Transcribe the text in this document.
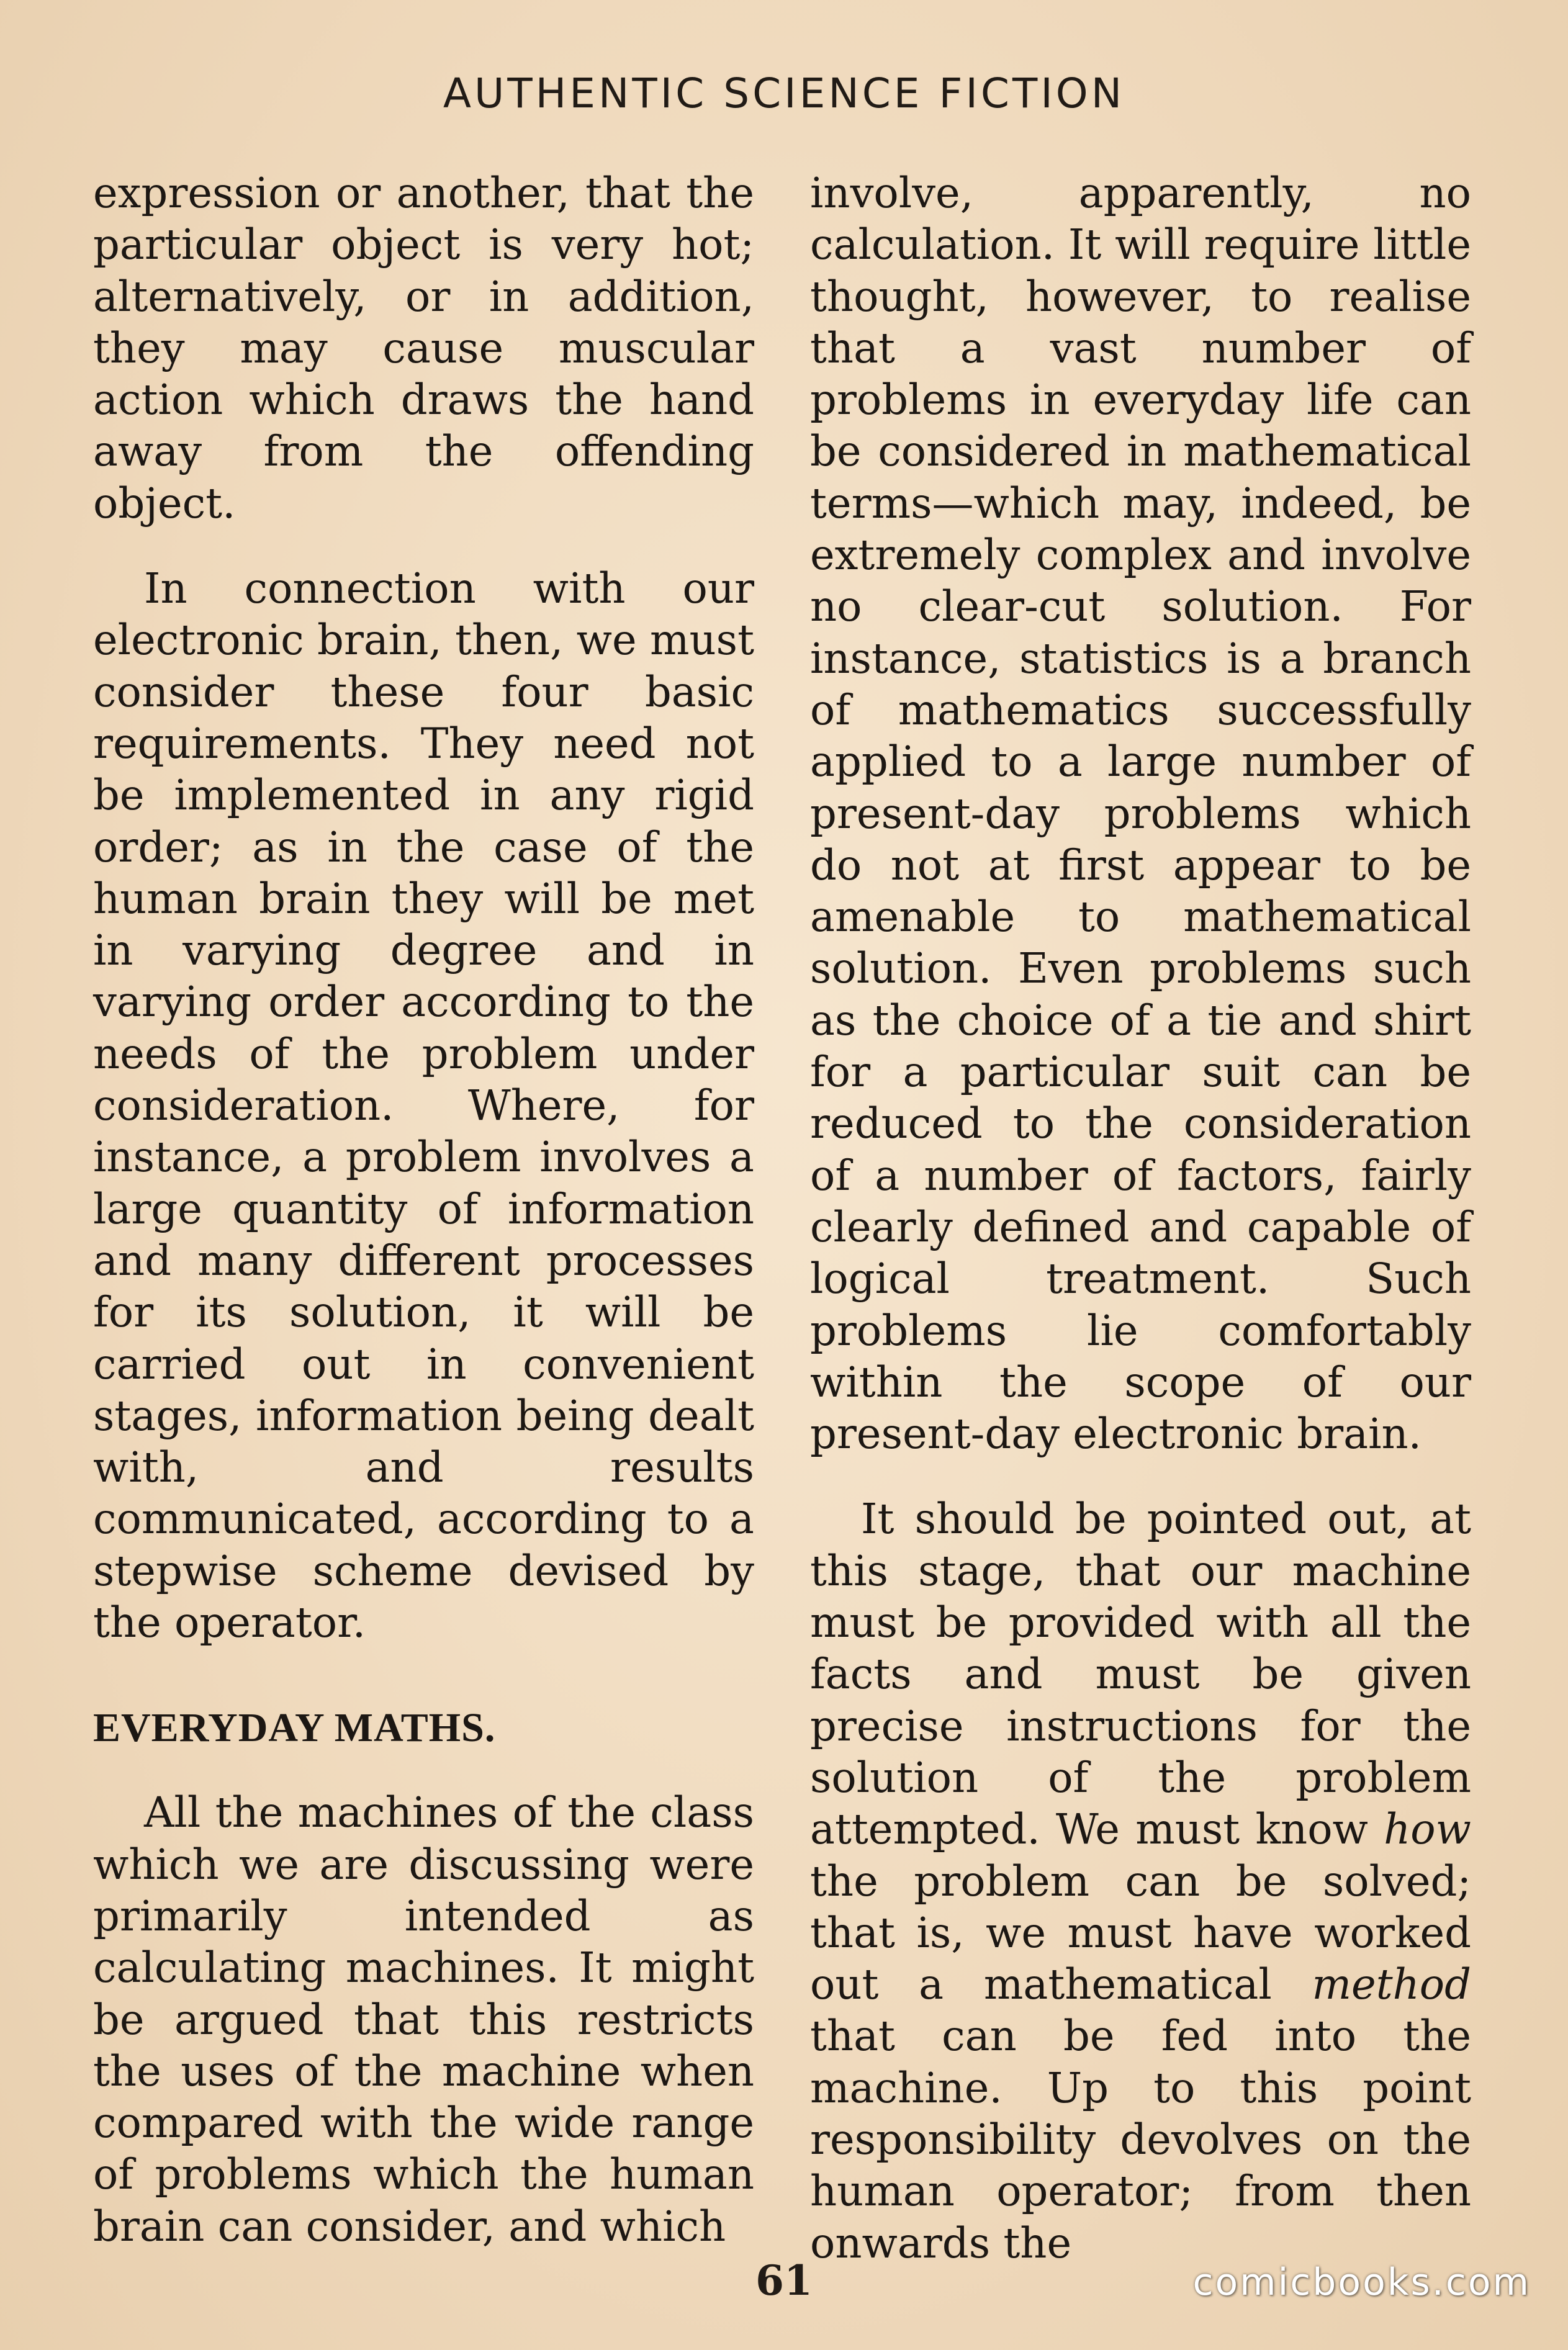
AUTHENTIC SCIENCE FICTION

expression or another, that the particular object is very hot; alternatively, or in addition, they may cause muscular action which draws the hand away from the offending object.

In connection with our electronic brain, then, we must consider these four basic requirements. They need not be implemented in any rigid order; as in the case of the human brain they will be met in varying degree and in varying order according to the needs of the problem under consideration. Where, for instance, a problem involves a large quantity of information and many different processes for its solution, it will be carried out in convenient stages, information being dealt with, and results communicated, according to a stepwise scheme devised by the operator.

EVERYDAY MATHS.

All the machines of the class which we are discussing were primarily intended as calculating machines. It might be argued that this restricts the uses of the machine when compared with the wide range of problems which the human brain can consider, and which

involve, apparently, no calculation. It will require little thought, however, to realise that a vast number of problems in everyday life can be considered in mathematical terms—which may, indeed, be extremely complex and involve no clear-cut solution. For instance, statistics is a branch of mathematics successfully applied to a large number of present-day problems which do not at first appear to be amenable to mathematical solution. Even problems such as the choice of a tie and shirt for a particular suit can be reduced to the consideration of a number of factors, fairly clearly defined and capable of logical treatment. Such problems lie comfortably within the scope of our present-day electronic brain.

It should be pointed out, at this stage, that our machine must be provided with all the facts and must be given precise instructions for the solution of the problem attempted. We must know how the problem can be solved; that is, we must have worked out a mathematical method that can be fed into the machine. Up to this point responsibility devolves on the human operator; from then onwards the

61	comicbooks.com
